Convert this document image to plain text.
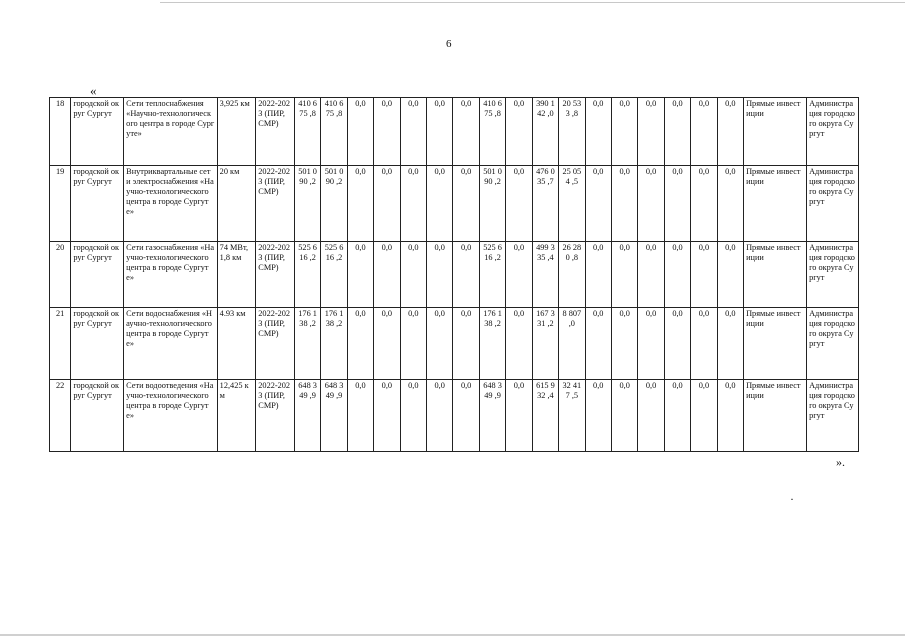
6
«
18	городской округ Сургут	Сети теплоснабжения «Научно-технологического центра в городе Сургуте»	3,925 км	2022-2023 (ПИР, СМР)	410 675 ,8	410 675 ,8	0,0	0,0	0,0	0,0	0,0	410 675 ,8	0,0	390 142 ,0	20 533 ,8	0,0	0,0	0,0	0,0	0,0	0,0	Прямые инвестиции	Администрация городского округа Сургут
19	городской округ Сургут	Внутриквартальные сети электроснабжения «Научно-технологического центра в городе Сургуте»	20 км	2022-2023 (ПИР, СМР)	501 090 ,2	501 090 ,2	0,0	0,0	0,0	0,0	0,0	501 090 ,2	0,0	476 035 ,7	25 054 ,5	0,0	0,0	0,0	0,0	0,0	0,0	Прямые инвестиции	Администрация городского округа Сургут
20	городской округ Сургут	Сети газоснабжения «Научно-технологического центра в городе Сургуте»	74 МВт, 1,8 км	2022-2023 (ПИР, СМР)	525 616 ,2	525 616 ,2	0,0	0,0	0,0	0,0	0,0	525 616 ,2	0,0	499 335 ,4	26 280 ,8	0,0	0,0	0,0	0,0	0,0	0,0	Прямые инвестиции	Администрация городского округа Сургут
21	городской округ Сургут	Сети водоснабжения «Научно-технологического центра в городе Сургуте»	4.93 км	2022-2023 (ПИР, СМР)	176 138 ,2	176 138 ,2	0,0	0,0	0,0	0,0	0,0	176 138 ,2	0,0	167 331 ,2	8 807 ,0	0,0	0,0	0,0	0,0	0,0	0,0	Прямые инвестиции	Администрация городского округа Сургут
22	городской округ Сургут	Сети водоотведения «Научно-технологического центра в городе Сургуте»	12,425 км	2022-2023 (ПИР, СМР)	648 349 ,9	648 349 ,9	0,0	0,0	0,0	0,0	0,0	648 349 ,9	0,0	615 932 ,4	32 417 ,5	0,0	0,0	0,0	0,0	0,0	0,0	Прямые инвестиции	Администрация городского округа Сургут
».
·
